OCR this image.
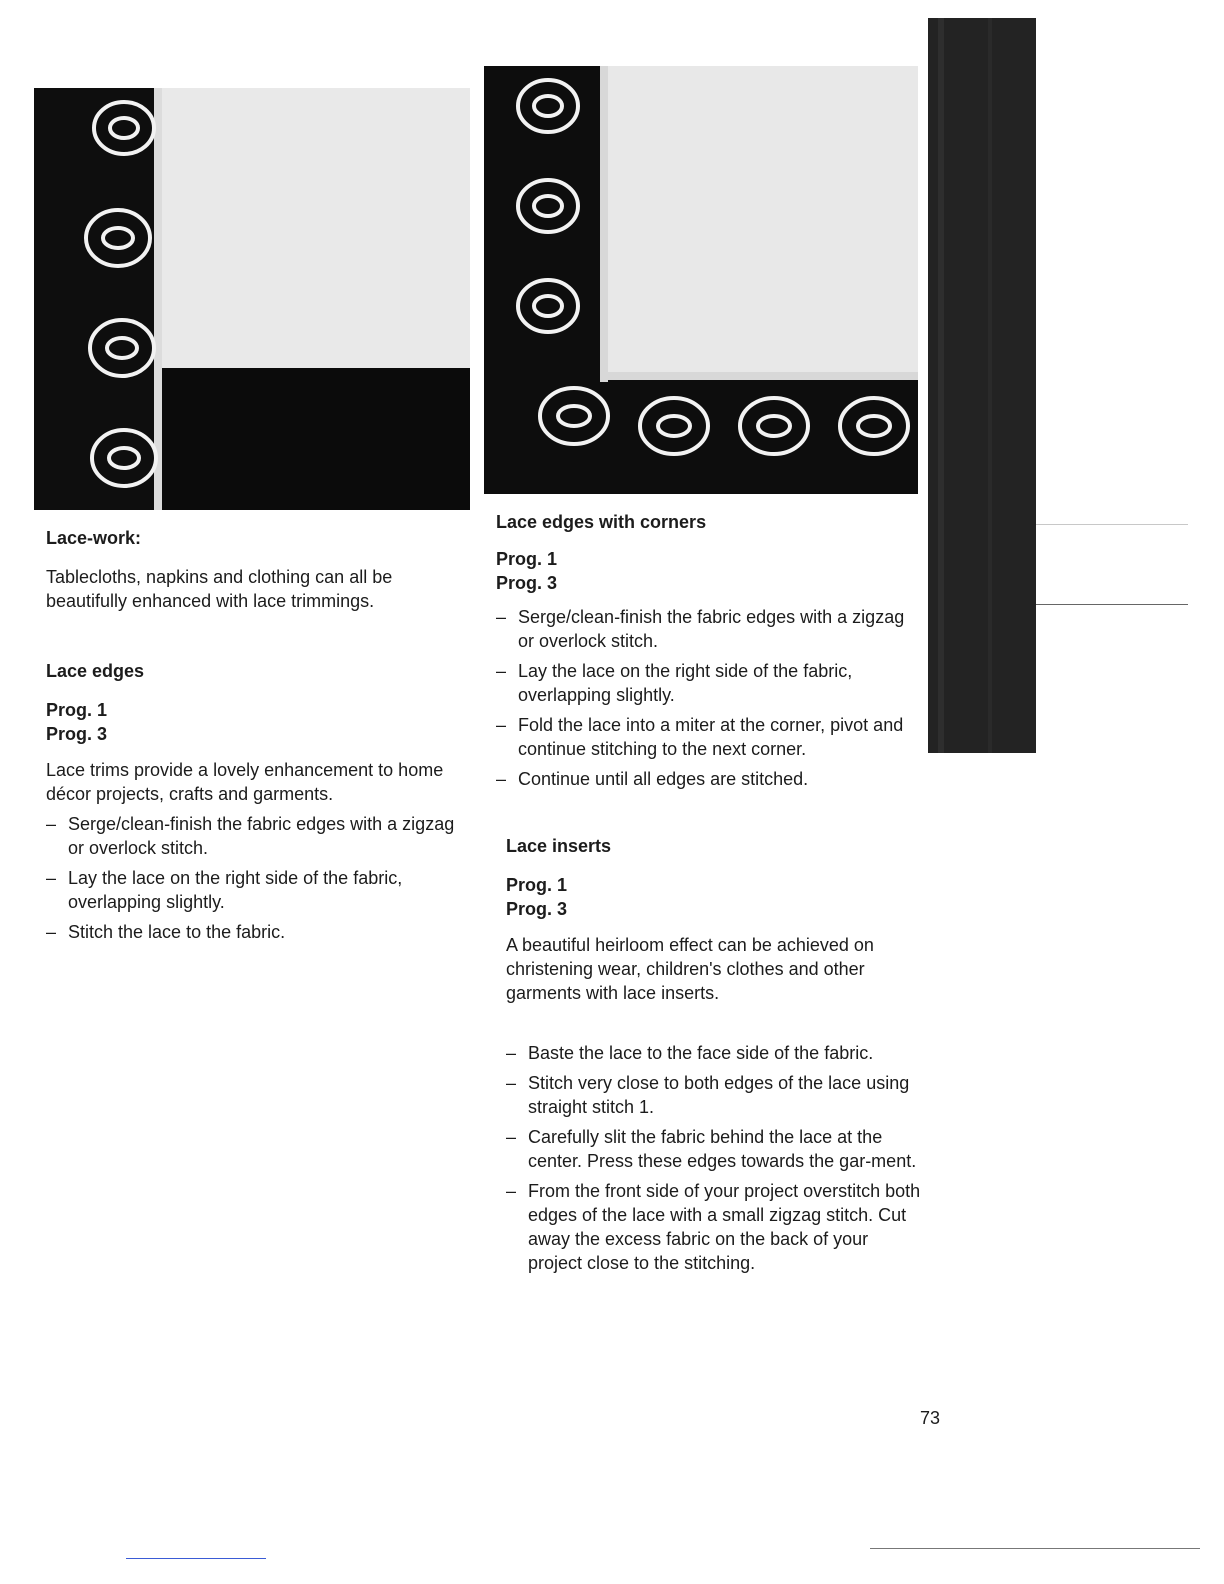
Lace-work:
Tablecloths, napkins and clothing can all be beautifully enhanced with lace trimmings.
Lace edges
Prog. 1
Prog. 3
Lace trims provide a lovely enhancement to home décor projects, crafts and garments.
– Serge/clean-finish the fabric edges with a zigzag or overlock stitch.
– Lay the lace on the right side of the fabric, overlapping slightly.
– Stitch the lace to the fabric.
Lace edges with corners
Prog. 1
Prog. 3
– Serge/clean-finish the fabric edges with a zigzag or overlock stitch.
– Lay the lace on the right side of the fabric, overlapping slightly.
– Fold the lace into a miter at the corner, pivot and continue stitching to the next corner.
– Continue until all edges are stitched.
Lace inserts
Prog. 1
Prog. 3
A beautiful heirloom effect can be achieved on christening wear, children's clothes and other garments with lace inserts.
– Baste the lace to the face side of the fabric.
– Stitch very close to both edges of the lace using straight stitch 1.
– Carefully slit the fabric behind the lace at the center. Press these edges towards the gar-ment.
– From the front side of your project overstitch both edges of the lace with a small zigzag stitch. Cut away the excess fabric on the back of your project close to the stitching.
73
